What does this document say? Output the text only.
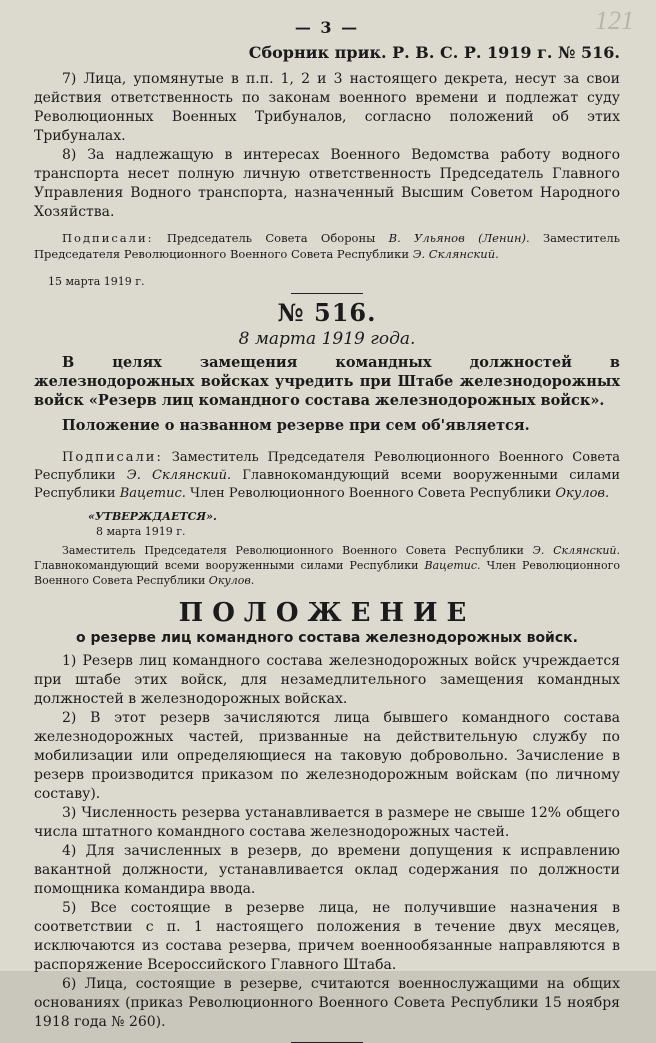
121
— 3 —
Сборник прик. Р. В. С. Р. 1919 г. № 516.

7) Лица, упомянутые в п.п. 1, 2 и 3 настоящего декрета, несут за свои действия ответственность по законам военного времени и подлежат суду Революционных Военных Трибуналов, согласно положений об этих Трибуналах.

8) За надлежащую в интересах Военного Ведомства работу водного транспорта несет полную личную ответственность Председатель Главного Управления Водного транспорта, назначенный Высшим Советом Народного Хозяйства.

Подписали: Председатель Совета Обороны В. Ульянов (Ленин). Заместитель Председателя Революционного Военного Совета Республики Э. Склянский.

15 марта 1919 г.

№ 516.
8 марта 1919 года.

В целях замещения командных должностей в железнодорожных войсках учредить при Штабе железнодорожных войск «Резерв лиц командного состава железнодорожных войск».

Положение о названном резерве при сем об'является.

Подписали: Заместитель Председателя Революционного Военного Совета Республики Э. Склянский. Главнокомандующий всеми вооруженными силами Республики Вацетис. Член Революционного Военного Совета Республики Окулов.

«УТВЕРЖДАЕТСЯ».

8 марта 1919 г.

Заместитель Председателя Революционного Военного Совета Республики Э. Склянский. Главнокомандующий всеми вооруженными силами Республики Вацетис. Член Революционного Военного Совета Республики Окулов.

ПОЛОЖЕНИЕ
о резерве лиц командного состава железнодорожных войск.

1) Резерв лиц командного состава железнодорожных войск учреждается при штабе этих войск, для незамедлительного замещения командных должностей в железнодорожных войсках.

2) В этот резерв зачисляются лица бывшего командного состава железнодорожных частей, призванные на действительную службу по мобилизации или определяющиеся на таковую добровольно. Зачисление в резерв производится приказом по железнодорожным войскам (по личному составу).

3) Численность резерва устанавливается в размере не свыше 12% общего числа штатного командного состава железнодорожных частей.

4) Для зачисленных в резерв, до времени допущения к исправлению вакантной должности, устанавливается оклад содержания по должности помощника командира ввода.

5) Все состоящие в резерве лица, не получившие назначения в соответствии с п. 1 настоящего положения в течение двух месяцев, исключаются из состава резерва, причем военнообязанные направляются в распоряжение Всероссийского Главного Штаба.

6) Лица, состоящие в резерве, считаются военнослужащими на общих основаниях (приказ Революционного Военного Совета Республики 15 ноября 1918 года № 260).
